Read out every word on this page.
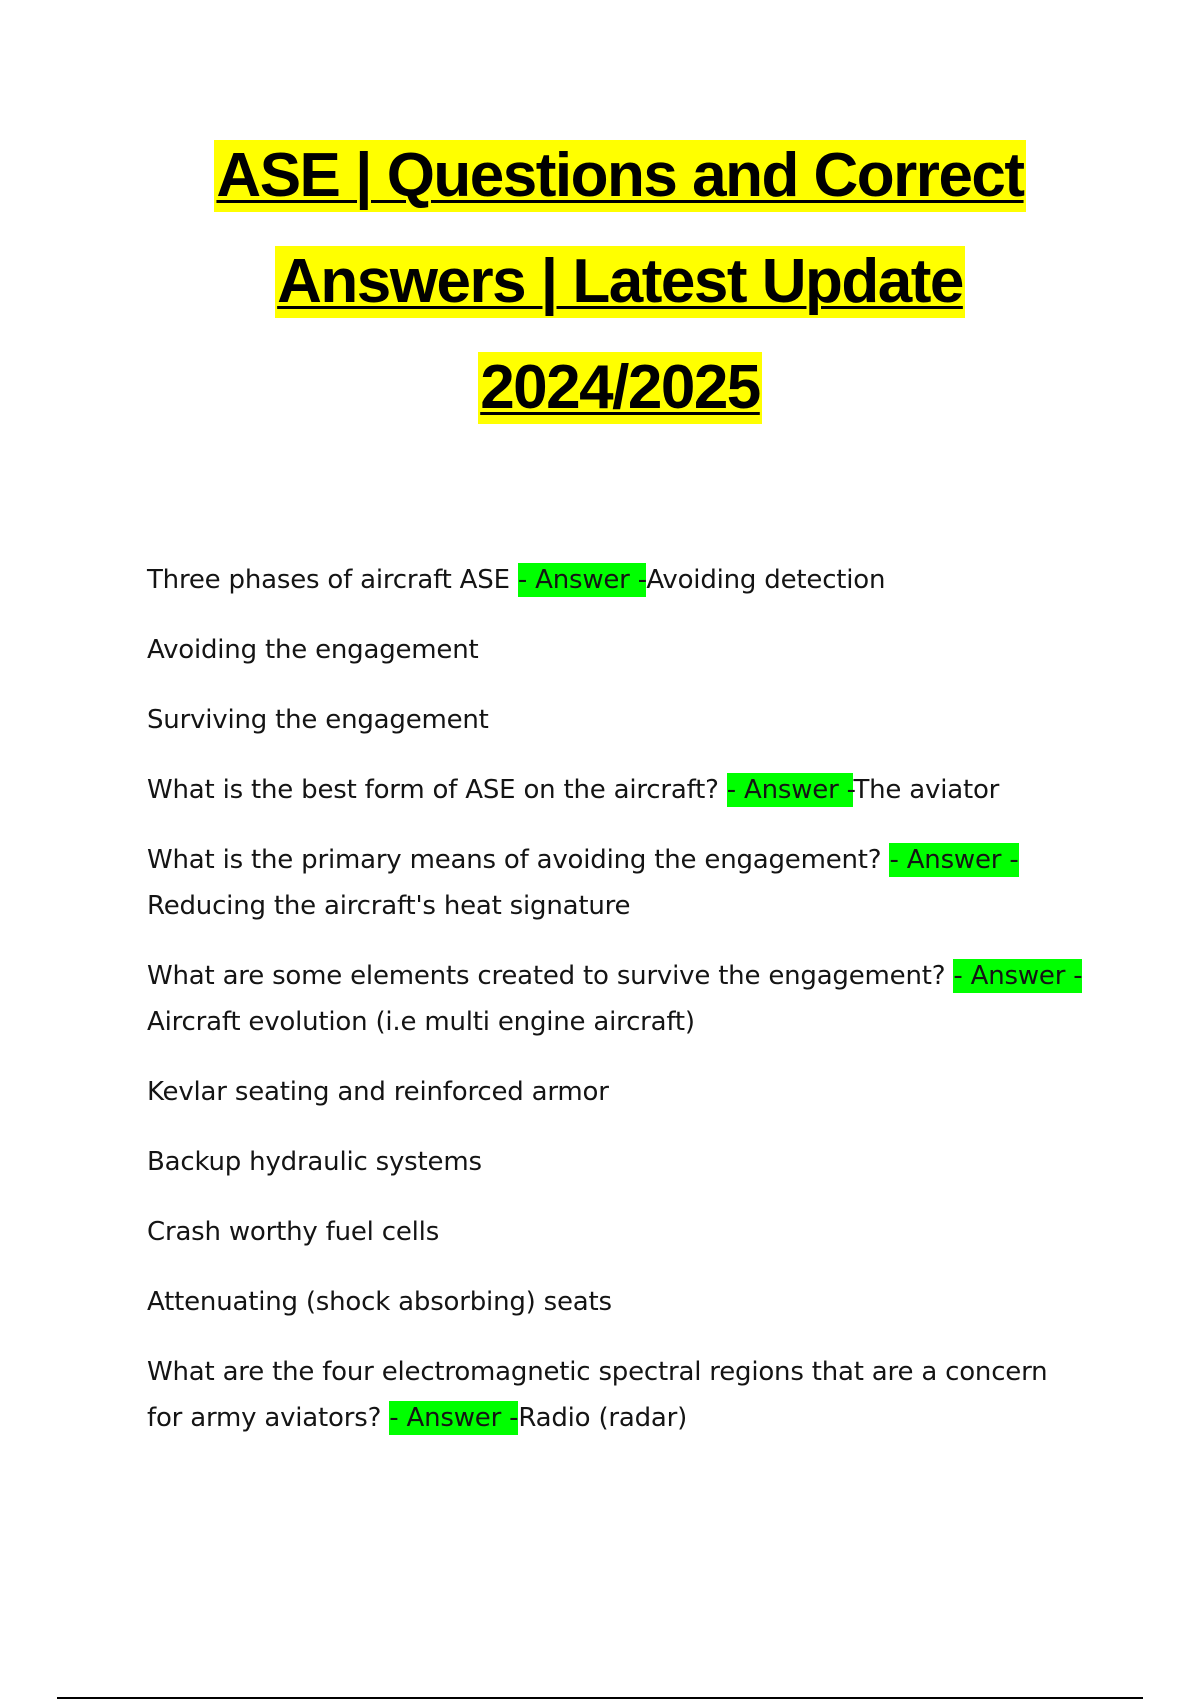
ASE | Questions and Correct
Answers | Latest Update
2024/2025

Three phases of aircraft ASE - Answer -Avoiding detection

Avoiding the engagement

Surviving the engagement

What is the best form of ASE on the aircraft? - Answer -The aviator

What is the primary means of avoiding the engagement? - Answer -
Reducing the aircraft's heat signature

What are some elements created to survive the engagement? - Answer -Aircraft evolution (i.e multi engine aircraft)

Kevlar seating and reinforced armor

Backup hydraulic systems

Crash worthy fuel cells

Attenuating (shock absorbing) seats

What are the four electromagnetic spectral regions that are a concern for army aviators? - Answer -Radio (radar)
